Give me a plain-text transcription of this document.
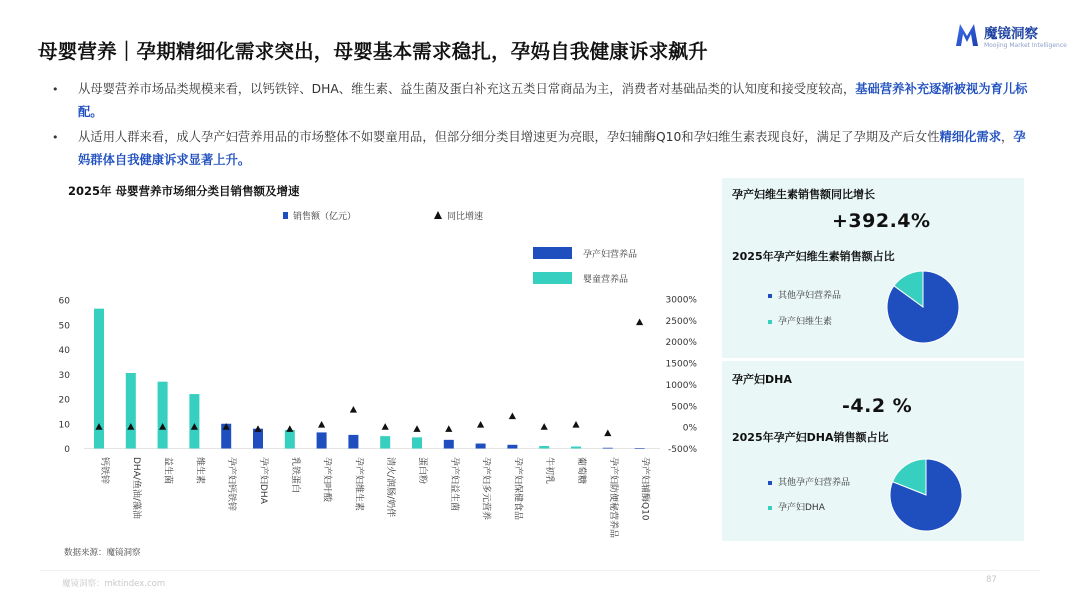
母婴营养｜孕期精细化需求突出，母婴基本需求稳扎，孕妈自我健康诉求飙升
魔镜洞察
Moojing Market Intelligence
• 从母婴营养市场品类规模来看，以钙铁锌、DHA、维生素、益生菌及蛋白补充这五类日常商品为主，消费者对基础品类的认知度和接受度较高，基础营养补充逐渐被视为育儿标配。
• 从适用人群来看，成人孕产妇营养用品的市场整体不如婴童用品，但部分细分类目增速更为亮眼，孕妇辅酶Q10和孕妇维生素表现良好，满足了孕期及产后女性精细化需求，孕妈群体自我健康诉求显著上升。
2025年 母婴营养市场细分类目销售额及增速
销售额（亿元）	同比增速
孕产妇营养品
婴童营养品
0
10
20
30
40
50
60
-500%
0%
500%
1000%
1500%
2000%
2500%
3000%
钙铁锌 DHA/鱼油/藻油 益生菌 维生素 孕产妇钙铁锌 孕产妇DHA 乳铁蛋白 孕产妇叶酸 孕产妇维生素 清火/润肠/奶伴 蛋白粉 孕产妇益生菌 孕产妇多元营养 孕产妇保健食品 牛初乳 葡萄糖 孕产妇防便秘营养品 孕产妇辅酶Q10
数据来源：魔镜洞察
孕产妇维生素销售额同比增长
+392.4%
2025年孕产妇维生素销售额占比
其他孕妇营养品
孕产妇维生素
孕产妇DHA
-4.2 %
2025年孕产妇DHA销售额占比
其他孕产妇营养品
孕产妇DHA
魔镜洞察：mktindex.com	87
